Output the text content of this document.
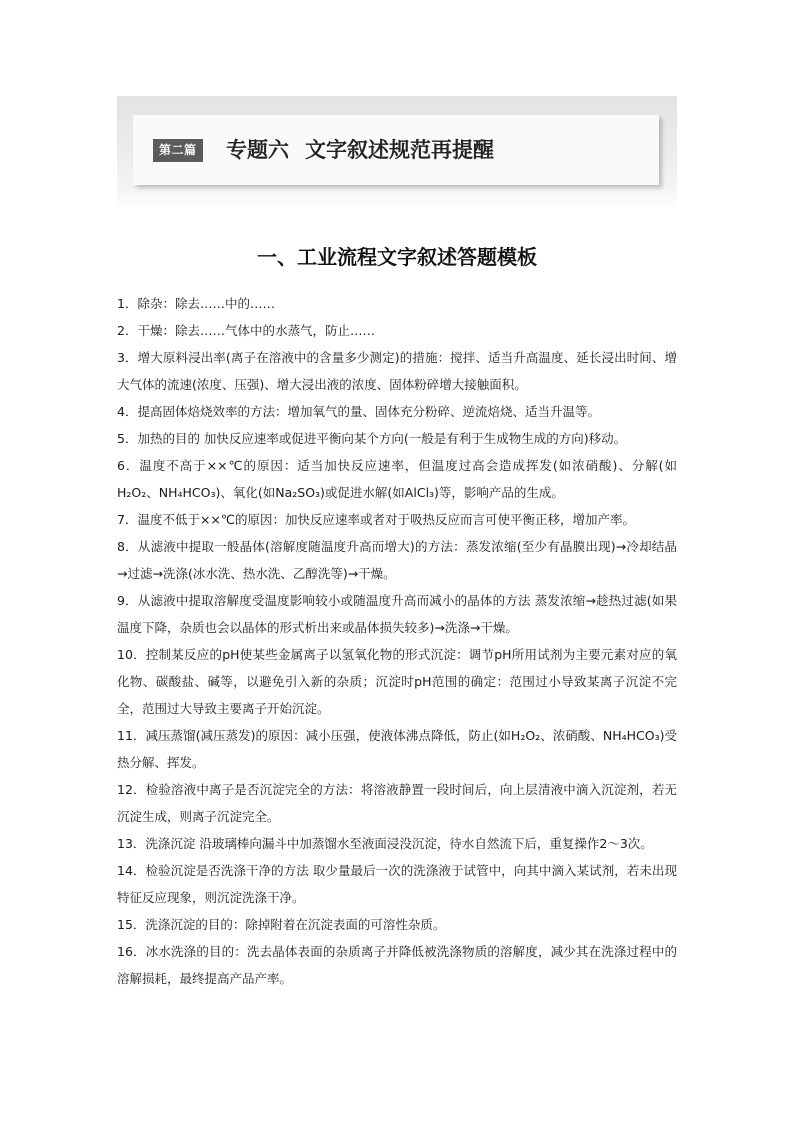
第二篇 专题六 文字叙述规范再提醒
一、工业流程文字叙述答题模板

1．除杂：除去……中的……

2．干燥：除去……气体中的水蒸气，防止……

3．增大原料浸出率(离子在溶液中的含量多少测定)的措施：搅拌、适当升高温度、延长浸出时间、增大气体的流速(浓度、压强)、增大浸出液的浓度、固体粉碎增大接触面积。

4．提高固体焙烧效率的方法：增加氧气的量、固体充分粉碎、逆流焙烧、适当升温等。

5．加热的目的 加快反应速率或促进平衡向某个方向(一般是有利于生成物生成的方向)移动。

6．温度不高于××℃的原因：适当加快反应速率，但温度过高会造成挥发(如浓硝酸)、分解(如H₂O₂、NH₄HCO₃)、氧化(如Na₂SO₃)或促进水解(如AlCl₃)等，影响产品的生成。

7．温度不低于××℃的原因：加快反应速率或者对于吸热反应而言可使平衡正移，增加产率。

8．从滤液中提取一般晶体(溶解度随温度升高而增大)的方法：蒸发浓缩(至少有晶膜出现)→冷却结晶→过滤→洗涤(冰水洗、热水洗、乙醇洗等)→干燥。

9．从滤液中提取溶解度受温度影响较小或随温度升高而减小的晶体的方法 蒸发浓缩→趁热过滤(如果温度下降，杂质也会以晶体的形式析出来或晶体损失较多)→洗涤→干燥。

10．控制某反应的pH使某些金属离子以氢氧化物的形式沉淀：调节pH所用试剂为主要元素对应的氧化物、碳酸盐、碱等，以避免引入新的杂质；沉淀时pH范围的确定：范围过小导致某离子沉淀不完全，范围过大导致主要离子开始沉淀。

11．减压蒸馏(减压蒸发)的原因：减小压强，使液体沸点降低，防止(如H₂O₂、浓硝酸、NH₄HCO₃)受热分解、挥发。

12．检验溶液中离子是否沉淀完全的方法：将溶液静置一段时间后，向上层清液中滴入沉淀剂，若无沉淀生成，则离子沉淀完全。

13．洗涤沉淀 沿玻璃棒向漏斗中加蒸馏水至液面浸没沉淀，待水自然流下后，重复操作2～3次。

14．检验沉淀是否洗涤干净的方法 取少量最后一次的洗涤液于试管中，向其中滴入某试剂，若未出现特征反应现象，则沉淀洗涤干净。

15．洗涤沉淀的目的：除掉附着在沉淀表面的可溶性杂质。

16．冰水洗涤的目的：洗去晶体表面的杂质离子并降低被洗涤物质的溶解度，减少其在洗涤过程中的溶解损耗，最终提高产品产率。
